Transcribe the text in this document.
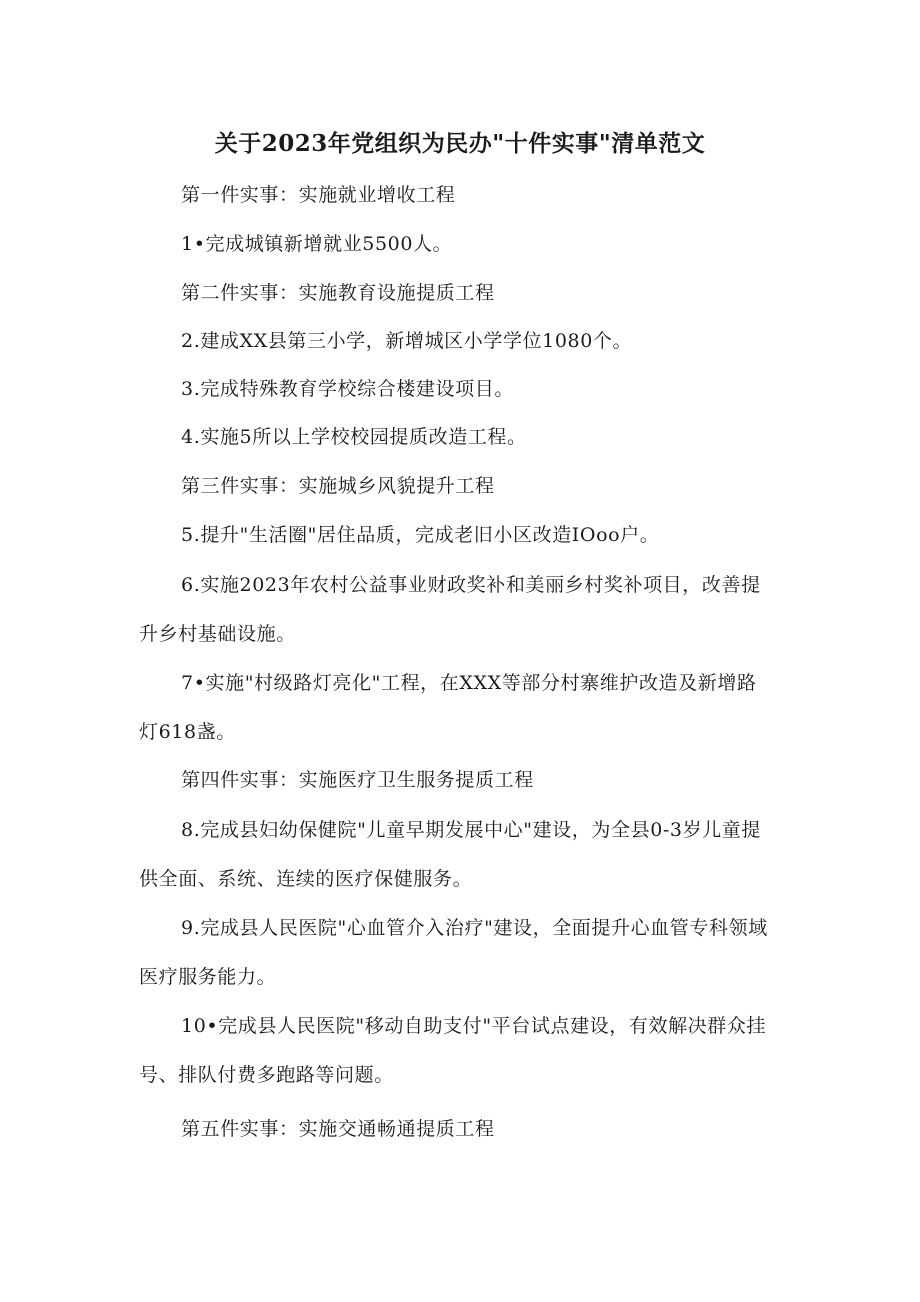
关于2023年党组织为民办"十件实事"清单范文
第一件实事：实施就业增收工程
1•完成城镇新增就业5500人。
第二件实事：实施教育设施提质工程
2.建成XX县第三小学，新增城区小学学位1080个。
3.完成特殊教育学校综合楼建设项目。
4.实施5所以上学校校园提质改造工程。
第三件实事：实施城乡风貌提升工程
5.提升"生活圈"居住品质，完成老旧小区改造IOoo户。
6.实施2023年农村公益事业财政奖补和美丽乡村奖补项目，改善提
升乡村基础设施。
7•实施"村级路灯亮化"工程，在XXX等部分村寨维护改造及新增路
灯618盏。
第四件实事：实施医疗卫生服务提质工程
8.完成县妇幼保健院"儿童早期发展中心"建设，为全县0-3岁儿童提
供全面、系统、连续的医疗保健服务。
9.完成县人民医院"心血管介入治疗"建设，全面提升心血管专科领域
医疗服务能力。
10•完成县人民医院"移动自助支付"平台试点建设，有效解决群众挂
号、排队付费多跑路等问题。
第五件实事：实施交通畅通提质工程
